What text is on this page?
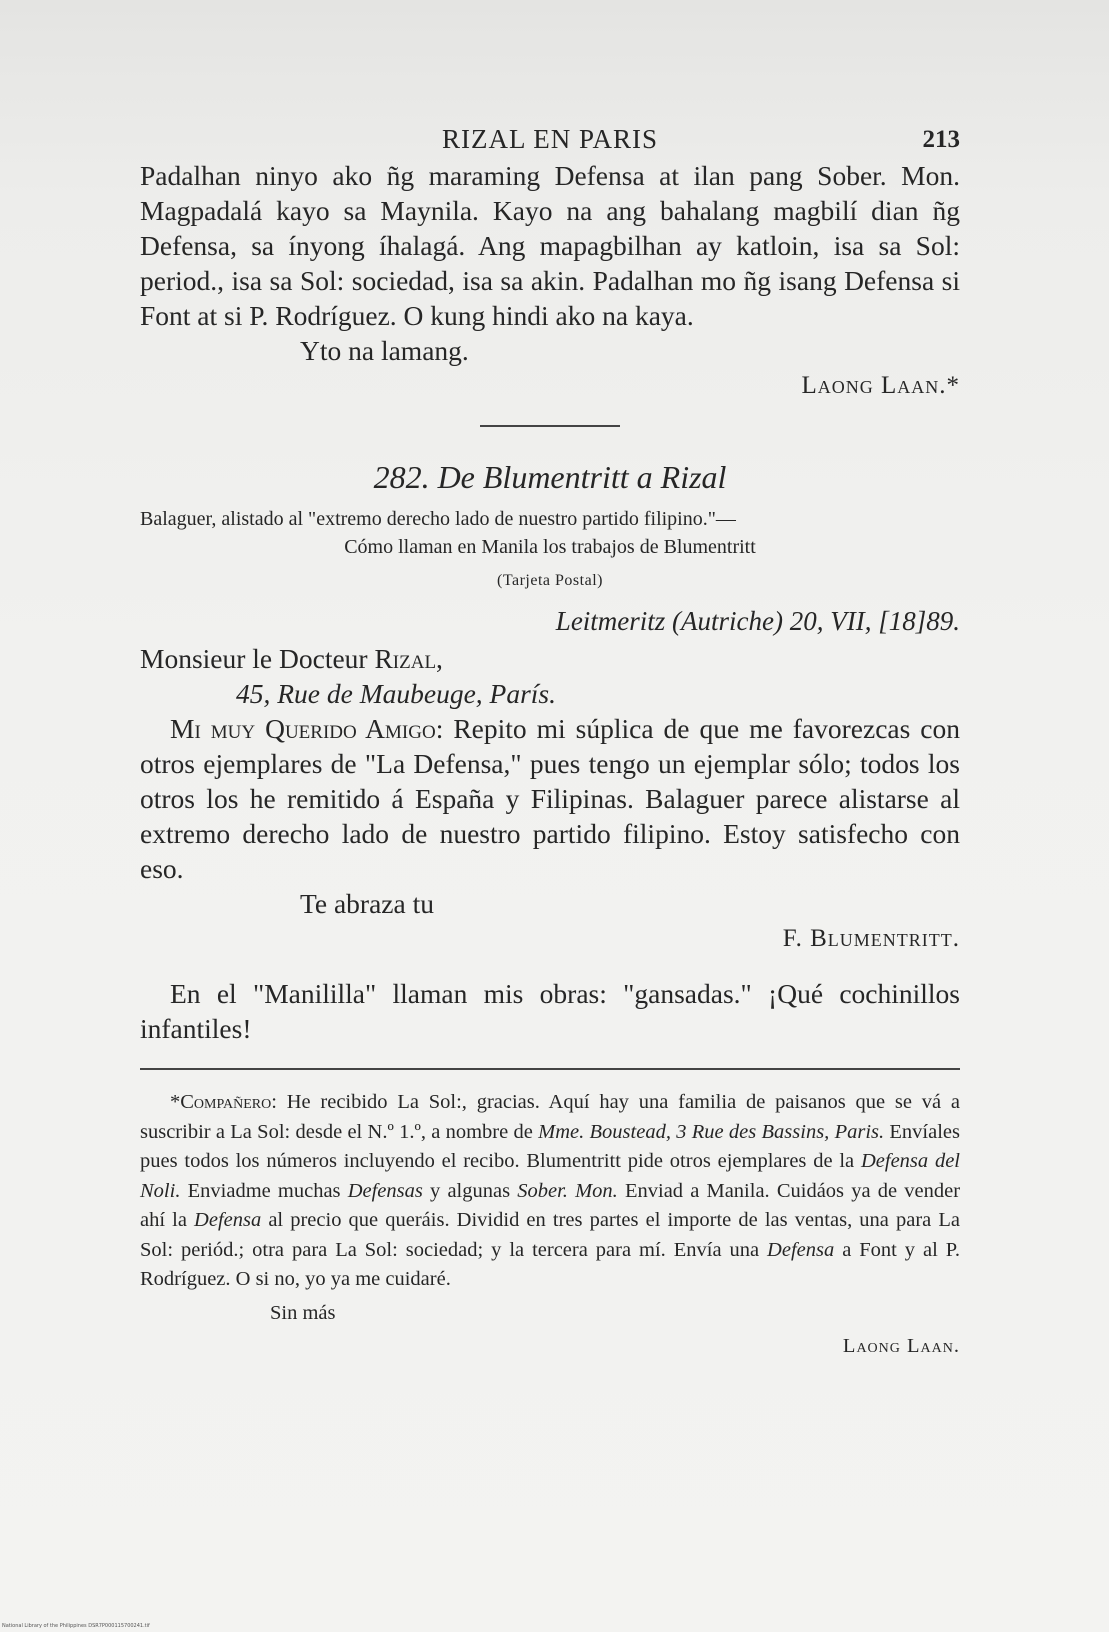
RIZAL EN PARIS	213

Padalhan ninyo ako ñg maraming Defensa at ilan pang Sober. Mon. Magpadalá kayo sa Maynila. Kayo na ang bahalang magbilí dian ñg Defensa, sa ínyong íhalagá. Ang mapagbilhan ay katloin, isa sa Sol: period., isa sa Sol: sociedad, isa sa akin. Padalhan mo ñg isang Defensa si Font at si P. Rodríguez. O kung hindi ako na kaya.

Yto na lamang.
Laong Laan.*
282. De Blumentritt a Rizal
Balaguer, alistado al "extremo derecho lado de nuestro partido filipino."—
Cómo llaman en Manila los trabajos de Blumentritt
(Tarjeta Postal)
Leitmeritz (Autriche) 20, VII, [18]89.
Monsieur le Docteur Rizal,
45, Rue de Maubeuge, París.

Mi muy Querido Amigo: Repito mi súplica de que me favorezcas con otros ejemplares de "La Defensa," pues tengo un ejemplar sólo; todos los otros los he remitido á España y Filipinas. Balaguer parece alistarse al extremo derecho lado de nuestro partido filipino. Estoy satisfecho con eso.

Te abraza tu
F. Blumentritt.

En el "Manililla" llaman mis obras: "gansadas." ¡Qué cochinillos infantiles!

*Compañero: He recibido La Sol:, gracias. Aquí hay una familia de paisanos que se vá a suscribir a La Sol: desde el N.º 1.º, a nombre de Mme. Boustead, 3 Rue des Bassins, Paris. Envíales pues todos los números incluyendo el recibo. Blumentritt pide otros ejemplares de la Defensa del Noli. Enviadme muchas Defensas y algunas Sober. Mon. Enviad a Manila. Cuidáos ya de vender ahí la Defensa al precio que queráis. Dividid en tres partes el importe de las ventas, una para La Sol: periód.; otra para La Sol: sociedad; y la tercera para mí. Envía una Defensa a Font y al P. Rodríguez. O si no, yo ya me cuidaré.

Sin más
Laong Laan.
National Library of the Philippines DSR7P000115700241.tif
